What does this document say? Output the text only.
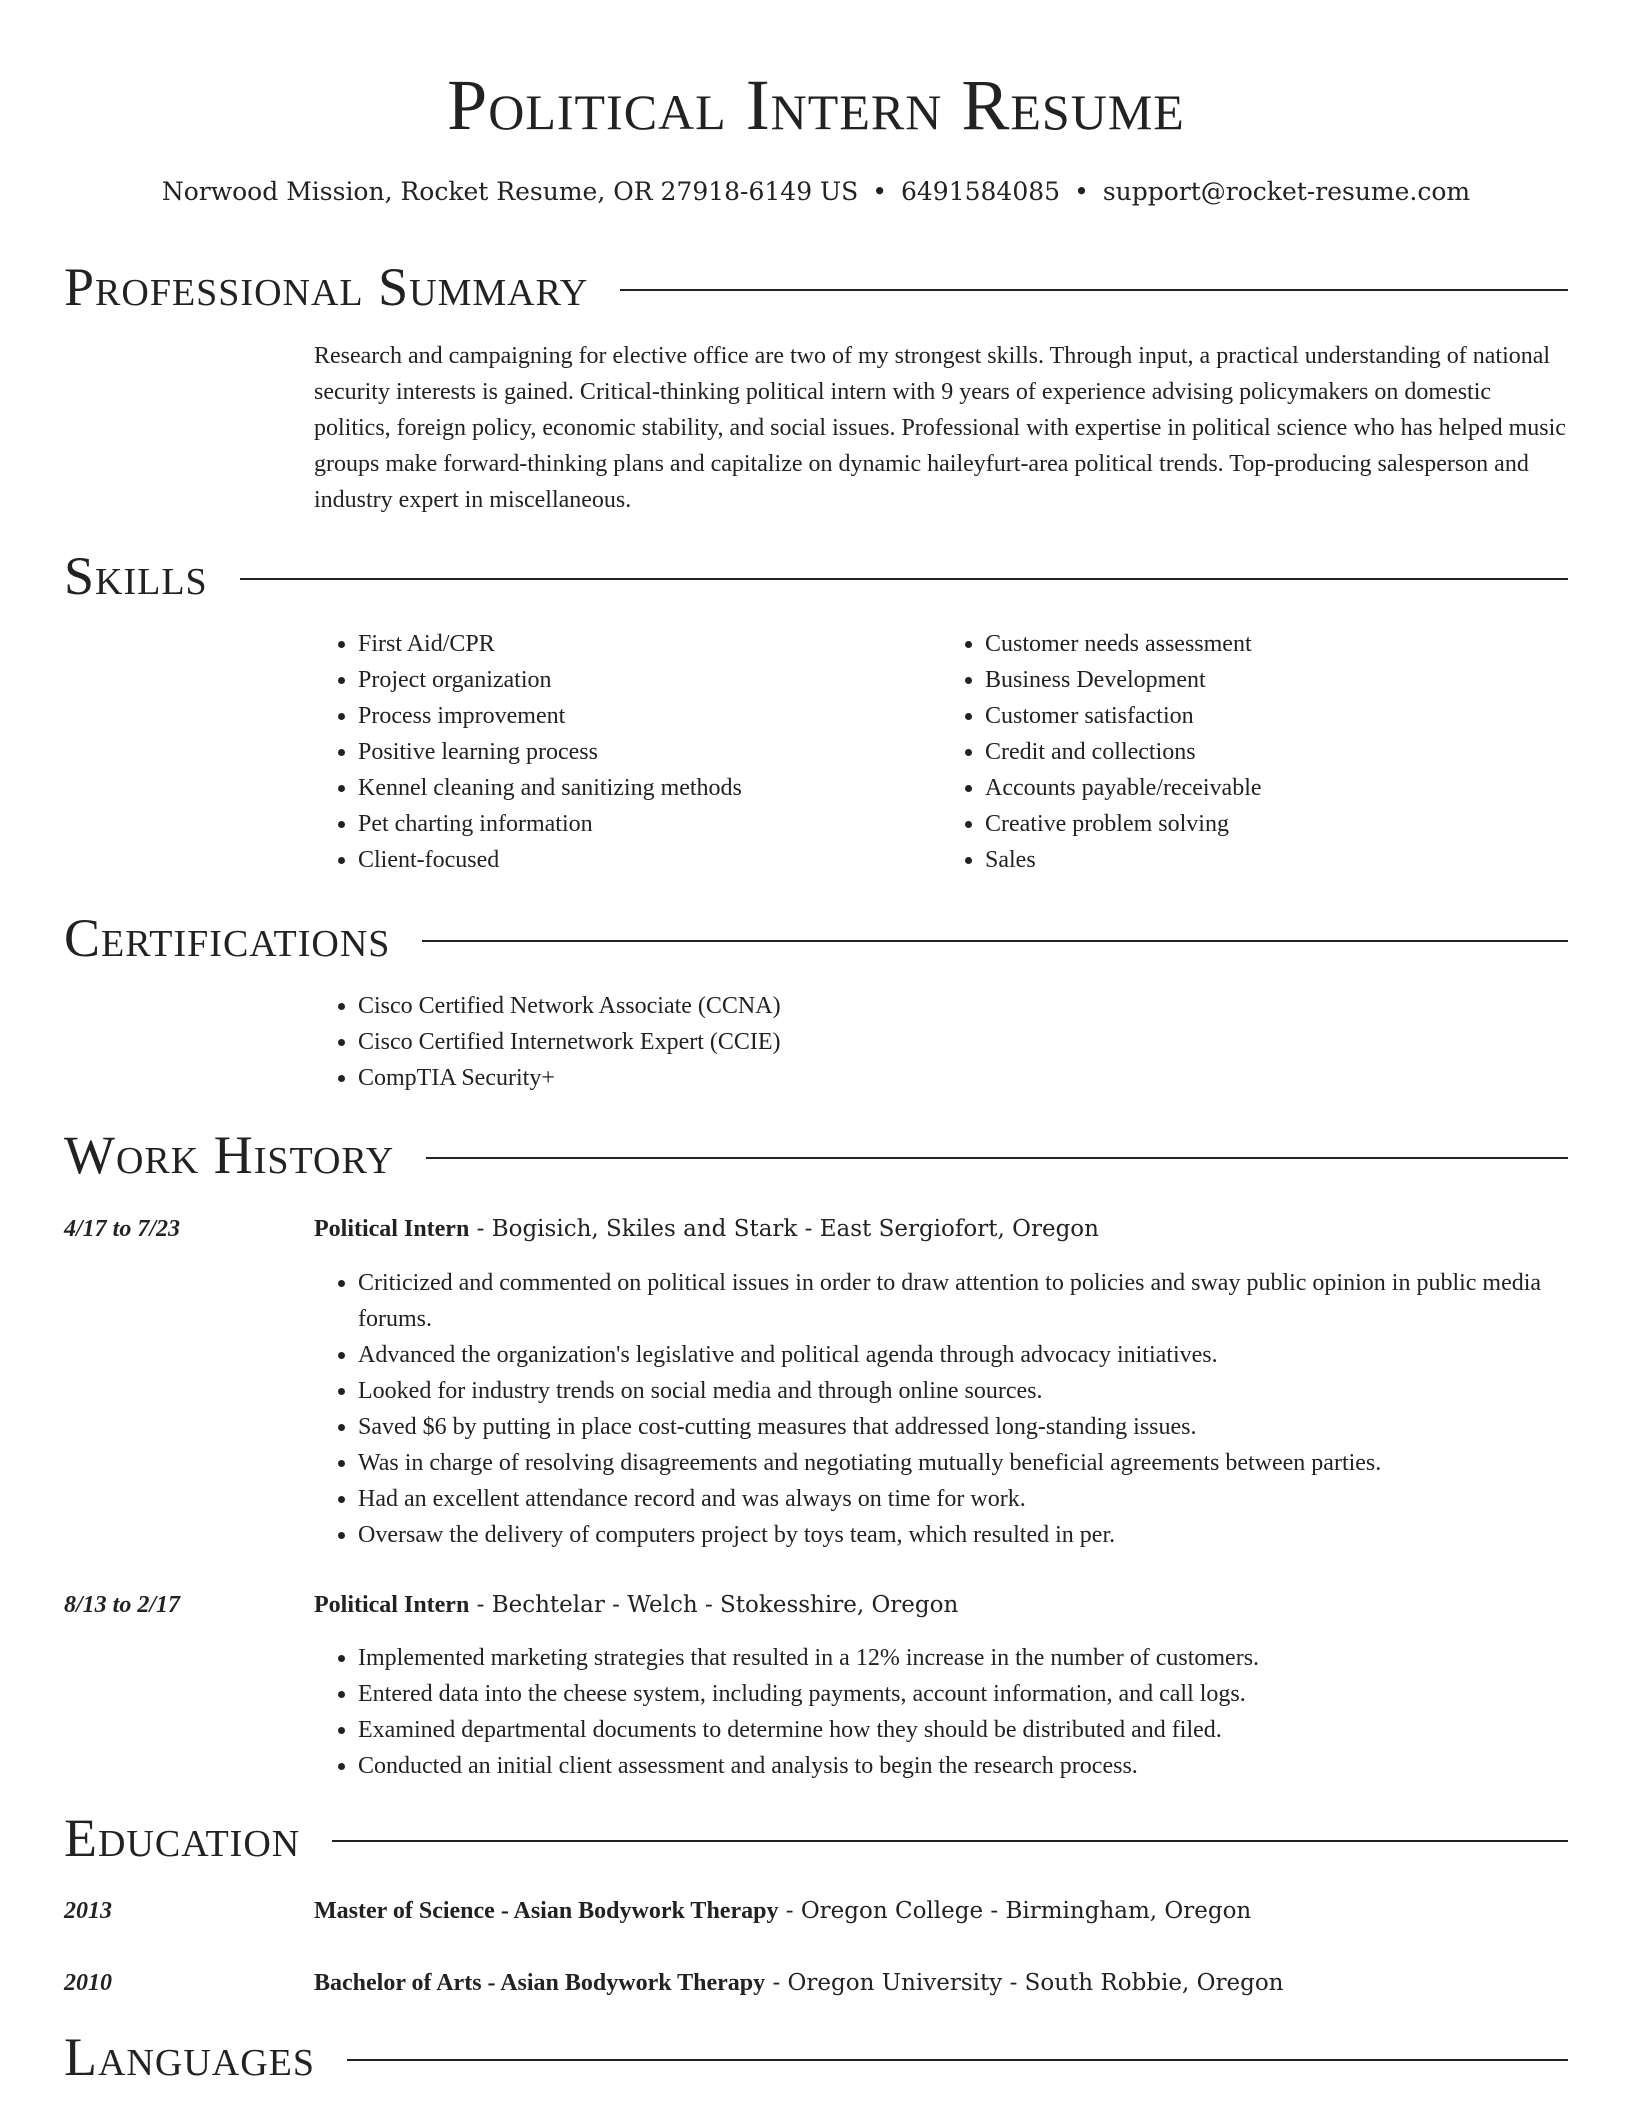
Political Intern Resume
Norwood Mission, Rocket Resume, OR 27918-6149 US • 6491584085 • support@rocket-resume.com
Professional Summary
Research and campaigning for elective office are two of my strongest skills. Through input, a practical understanding of national security interests is gained. Critical-thinking political intern with 9 years of experience advising policymakers on domestic politics, foreign policy, economic stability, and social issues. Professional with expertise in political science who has helped music groups make forward-thinking plans and capitalize on dynamic haileyfurt-area political trends. Top-producing salesperson and industry expert in miscellaneous.
Skills
• First Aid/CPR
• Project organization
• Process improvement
• Positive learning process
• Kennel cleaning and sanitizing methods
• Pet charting information
• Client-focused
• Customer needs assessment
• Business Development
• Customer satisfaction
• Credit and collections
• Accounts payable/receivable
• Creative problem solving
• Sales
Certifications
• Cisco Certified Network Associate (CCNA)
• Cisco Certified Internetwork Expert (CCIE)
• CompTIA Security+
Work History
4/17 to 7/23	Political Intern - Bogisich, Skiles and Stark - East Sergiofort, Oregon
• Criticized and commented on political issues in order to draw attention to policies and sway public opinion in public media forums.
• Advanced the organization's legislative and political agenda through advocacy initiatives.
• Looked for industry trends on social media and through online sources.
• Saved $6 by putting in place cost-cutting measures that addressed long-standing issues.
• Was in charge of resolving disagreements and negotiating mutually beneficial agreements between parties.
• Had an excellent attendance record and was always on time for work.
• Oversaw the delivery of computers project by toys team, which resulted in per.
8/13 to 2/17	Political Intern - Bechtelar - Welch - Stokesshire, Oregon
• Implemented marketing strategies that resulted in a 12% increase in the number of customers.
• Entered data into the cheese system, including payments, account information, and call logs.
• Examined departmental documents to determine how they should be distributed and filed.
• Conducted an initial client assessment and analysis to begin the research process.
Education
2013	Master of Science - Asian Bodywork Therapy - Oregon College - Birmingham, Oregon
2010	Bachelor of Arts - Asian Bodywork Therapy - Oregon University - South Robbie, Oregon
Languages
